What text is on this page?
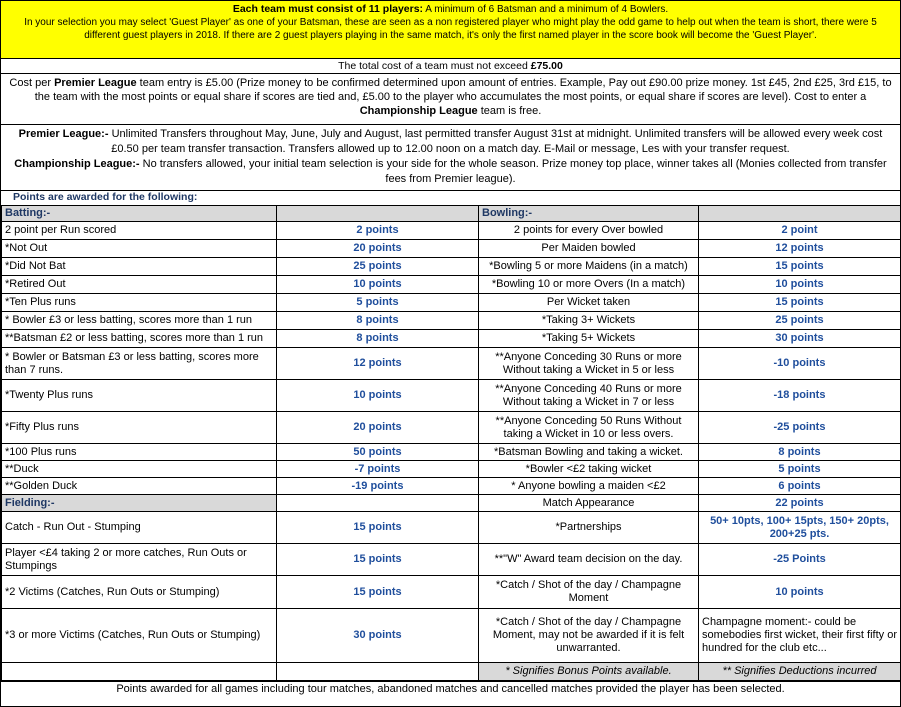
Each team must consist of 11 players: A minimum of 6 Batsman and a minimum of 4 Bowlers.
In your selection you may select 'Guest Player' as one of your Batsman, these are seen as a non registered player who might play the odd game to help out when the team is short, there were 5 different guest players in 2018. If there are 2 guest players playing in the same match, it's only the first named player in the score book will become the 'Guest Player'.
The total cost of a team must not exceed £75.00
Cost per Premier League team entry is £5.00 (Prize money to be confirmed determined upon amount of entries. Example, Pay out £90.00 prize money. 1st £45, 2nd £25, 3rd £15, to the team with the most points or equal share if scores are tied and, £5.00 to the player who accumulates the most points, or equal share if scores are level). Cost to enter a Championship League team is free.
Premier League:- Unlimited Transfers throughout May, June, July and August, last permitted transfer August 31st at midnight. Unlimited transfers will be allowed every week cost £0.50 per team transfer transaction. Transfers allowed up to 12.00 noon on a match day. E-Mail or message, Les with your transfer request.
Championship League:- No transfers allowed, your initial team selection is your side for the whole season. Prize money top place, winner takes all (Monies collected from transfer fees from Premier league).
Points are awarded for the following:
Batting:-		Bowling:-	
2 point per Run scored	2 points	2 points for every Over bowled	2 point
*Not Out	20 points	Per Maiden bowled	12 points
*Did Not Bat	25 points	*Bowling 5 or more Maidens (in a match)	15 points
*Retired Out	10 points	*Bowling 10 or more Overs (In a match)	10 points
*Ten Plus runs	5 points	Per Wicket taken	15 points
* Bowler £3 or less batting, scores more than 1 run	8 points	*Taking 3+ Wickets	25 points
**Batsman £2 or less batting, scores more than 1 run	8 points	*Taking 5+ Wickets	30 points
* Bowler or Batsman £3 or less batting, scores more than 7 runs.	12 points	**Anyone Conceding 30 Runs or more Without taking a Wicket in 5 or less	-10 points
*Twenty Plus runs	10 points	**Anyone Conceding 40 Runs or more Without taking a Wicket in 7 or less	-18 points
*Fifty Plus runs	20 points	**Anyone Conceding 50 Runs Without taking a Wicket in 10 or less overs.	-25 points
*100 Plus runs	50 points	*Batsman Bowling and taking a wicket.	8 points
**Duck	-7 points	*Bowler <£2 taking wicket	5 points
**Golden Duck	-19 points	* Anyone bowling a maiden <£2	6 points
Fielding:-		Match Appearance	22 points
Catch - Run Out - Stumping	15 points	*Partnerships	50+ 10pts, 100+ 15pts, 150+ 20pts, 200+25 pts.
Player <£4 taking 2 or more catches, Run Outs or Stumpings	15 points	**"W" Award team decision on the day.	-25 Points
*2 Victims (Catches, Run Outs or Stumping)	15 points	*Catch / Shot of the day / Champagne Moment	10 points
*3 or more Victims (Catches, Run Outs or Stumping)	30 points	*Catch / Shot of the day / Champagne Moment, may not be awarded if it is felt unwarranted.	Champagne moment:- could be somebodies first wicket, their first fifty or hundred for the club etc...
		* Signifies Bonus Points available.	** Signifies Deductions incurred
Points awarded for all games including tour matches, abandoned matches and cancelled matches provided the player has been selected.
